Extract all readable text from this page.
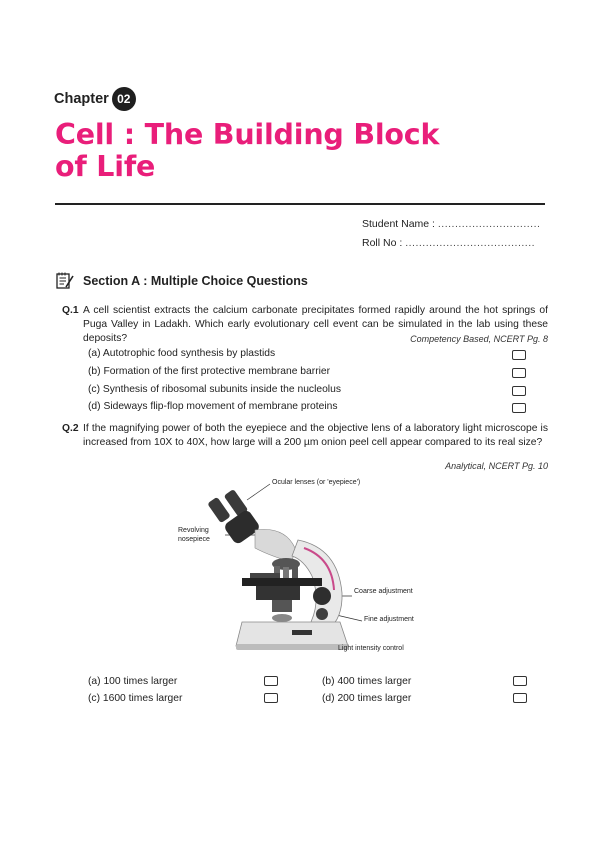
Chapter 02
Cell : The Building Block
of Life
Student Name : ..............................
Roll No : ......................................
Section A : Multiple Choice Questions
Q.1 A cell scientist extracts the calcium carbonate precipitates formed rapidly around the hot springs of Puga Valley in Ladakh. Which early evolutionary cell event can be simulated in the lab using these deposits?	Competency Based, NCERT Pg. 8
(a) Autotrophic food synthesis by plastids
(b) Formation of the first protective membrane barrier
(c) Synthesis of ribosomal subunits inside the nucleolus
(d) Sideways flip-flop movement of membrane proteins
Q.2 If the magnifying power of both the eyepiece and the objective lens of a laboratory light microscope is increased from 10X to 40X, how large will a 200 µm onion peel cell appear compared to its real size?
Analytical, NCERT Pg. 10
Ocular lenses (or 'eyepiece')
Revolving
nosepiece
Coarse adjustment
Fine adjustment
Light intensity control
(a) 100 times larger	(b) 400 times larger
(c) 1600 times larger	(d) 200 times larger
